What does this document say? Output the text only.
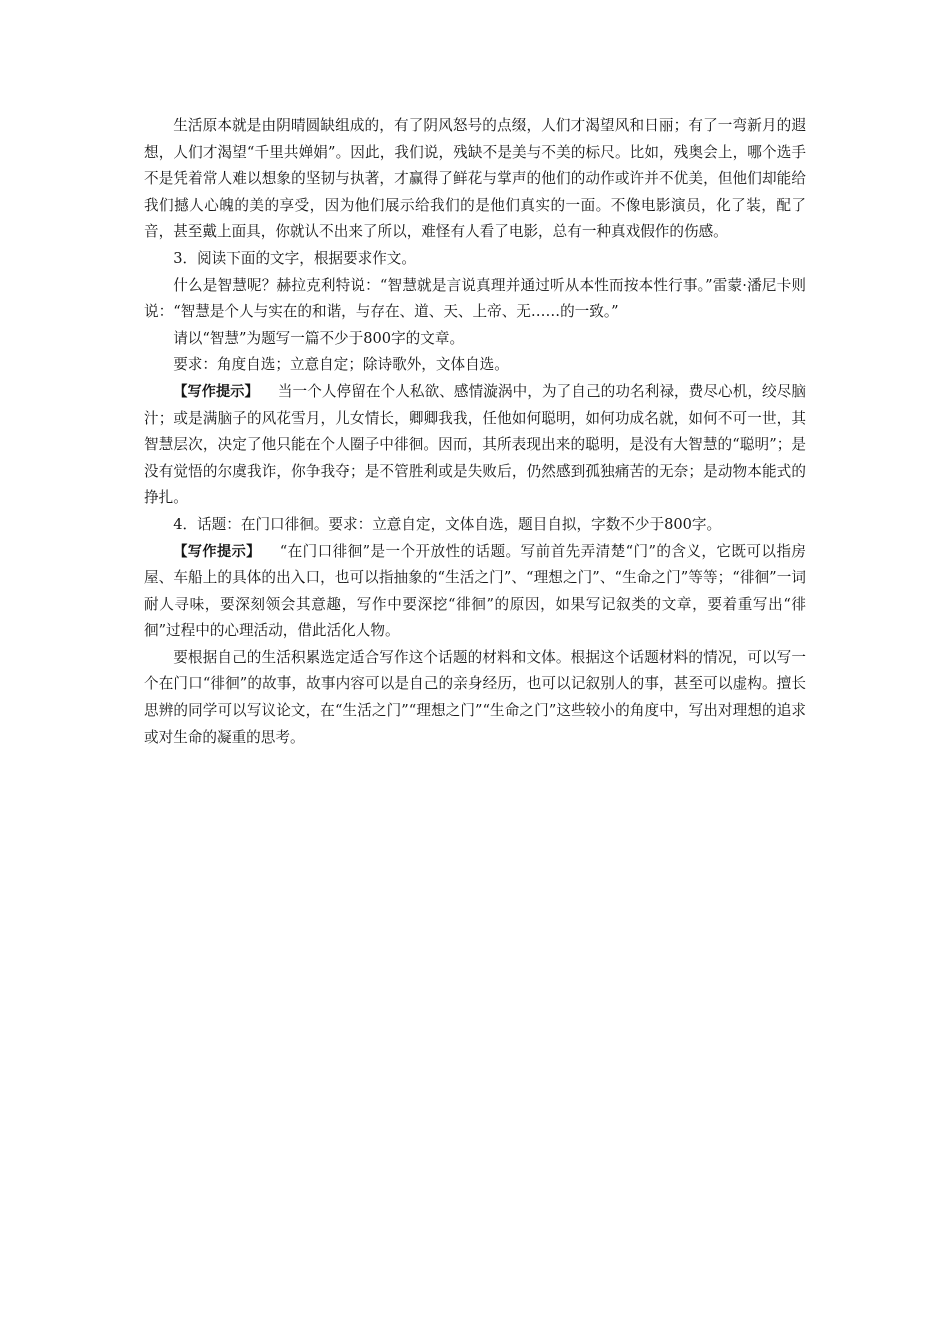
生活原本就是由阴晴圆缺组成的，有了阴风怒号的点缀，人们才渴望风和日丽；有了一弯新月的遐想，人们才渴望“千里共婵娟”。因此，我们说，残缺不是美与不美的标尺。比如，残奥会上，哪个选手不是凭着常人难以想象的坚韧与执著，才赢得了鲜花与掌声的他们的动作或许并不优美，但他们却能给我们撼人心魄的美的享受，因为他们展示给我们的是他们真实的一面。不像电影演员，化了装，配了音，甚至戴上面具，你就认不出来了所以，难怪有人看了电影，总有一种真戏假作的伤感。

3．阅读下面的文字，根据要求作文。

什么是智慧呢？赫拉克利特说：“智慧就是言说真理并通过听从本性而按本性行事。”雷蒙·潘尼卡则说：“智慧是个人与实在的和谐，与存在、道、天、上帝、无……的一致。”

请以“智慧”为题写一篇不少于800字的文章。

要求：角度自选；立意自定；除诗歌外，文体自选。

【写作提示】 当一个人停留在个人私欲、感情漩涡中，为了自己的功名利禄，费尽心机，绞尽脑汁；或是满脑子的风花雪月，儿女情长，卿卿我我，任他如何聪明，如何功成名就，如何不可一世，其智慧层次，决定了他只能在个人圈子中徘徊。因而，其所表现出来的聪明，是没有大智慧的“聪明”；是没有觉悟的尔虞我诈，你争我夺；是不管胜利或是失败后，仍然感到孤独痛苦的无奈；是动物本能式的挣扎。

4．话题：在门口徘徊。要求：立意自定，文体自选，题目自拟，字数不少于800字。

【写作提示】 “在门口徘徊”是一个开放性的话题。写前首先弄清楚“门”的含义，它既可以指房屋、车船上的具体的出入口，也可以指抽象的“生活之门”、“理想之门”、“生命之门”等等；“徘徊”一词耐人寻味，要深刻领会其意趣，写作中要深挖“徘徊”的原因，如果写记叙类的文章，要着重写出“徘徊”过程中的心理活动，借此活化人物。

要根据自己的生活积累选定适合写作这个话题的材料和文体。根据这个话题材料的情况，可以写一个在门口“徘徊”的故事，故事内容可以是自己的亲身经历，也可以记叙别人的事，甚至可以虚构。擅长思辨的同学可以写议论文，在“生活之门”“理想之门”“生命之门”这些较小的角度中，写出对理想的追求或对生命的凝重的思考。
